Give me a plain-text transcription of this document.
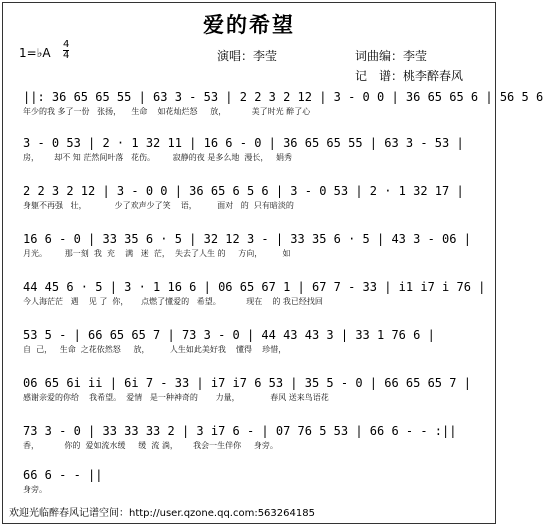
爱的希望
1=♭A
4
4	演唱：李莹	词曲编：李莹
记　谱：桃李醉春风
||: 36 65 65 55 | 63 3 - 53 | 2 2 3 2 12 | 3 - 0 0 | 36 65 65 6 | 56 5 6
年少的我 多了一份   张扬，    生命    如花灿烂怒     放，          美了时光 醉了心
3 - 0 53 | 2 · 1 32 11 | 16 6 - 0 | 36 65 65 55 | 63 3 - 53 |
房，      却不 知 茫然间叶落   花伤。       寂静的夜 是多么地  漫长，   娟秀
2 2 3 2 12 | 3 - 0 0 | 36 65 6 5 6 | 3 - 0 53 | 2 · 1 32 17 |
身躯不再强   壮，           少了欢声少了笑    语，        面对   的  只有暗淡的
16 6 - 0 | 33 35 6 · 5 | 32 12 3 - | 33 35 6 · 5 | 43 3 - 06 |
月光。       那一刻  我  充    满   迷  茫，  失去了人生 的     方向，        如
44 45 6 · 5 | 3 · 1 16 6 | 06 65 67 1 | 67 7 - 33 | i1 i7 i 76 |
今人海茫茫   遇    见 了  你，     点燃了懂爱的   希望。          现在    的 我已经找回
53 5 - | 66 65 65 7 | 73 3 - 0 | 44 43 43 3 | 33 1 76 6 |
自  己，   生命  之花依然怒     放，        人生如此美好我    懂得    珍惜，
06 65 6i ii | 6i 7 - 33 | i7 i7 6 53 | 35 5 - 0 | 66 65 65 7 |
感谢亲爱的你给    我希望。  爱情   是一种神奇的       力量，            春风 送来鸟语花
73 3 - 0 | 33 33 33 2 | 3 i7 6 - | 07 76 5 53 | 66 6 - - :||
香，          你的  爱如流水缓     缓  流 淌，      我会一生伴你     身旁。
66 6 - - ||
身旁。
欢迎光临醉春风记谱空间：http://user.qzone.qq.com:563264185
